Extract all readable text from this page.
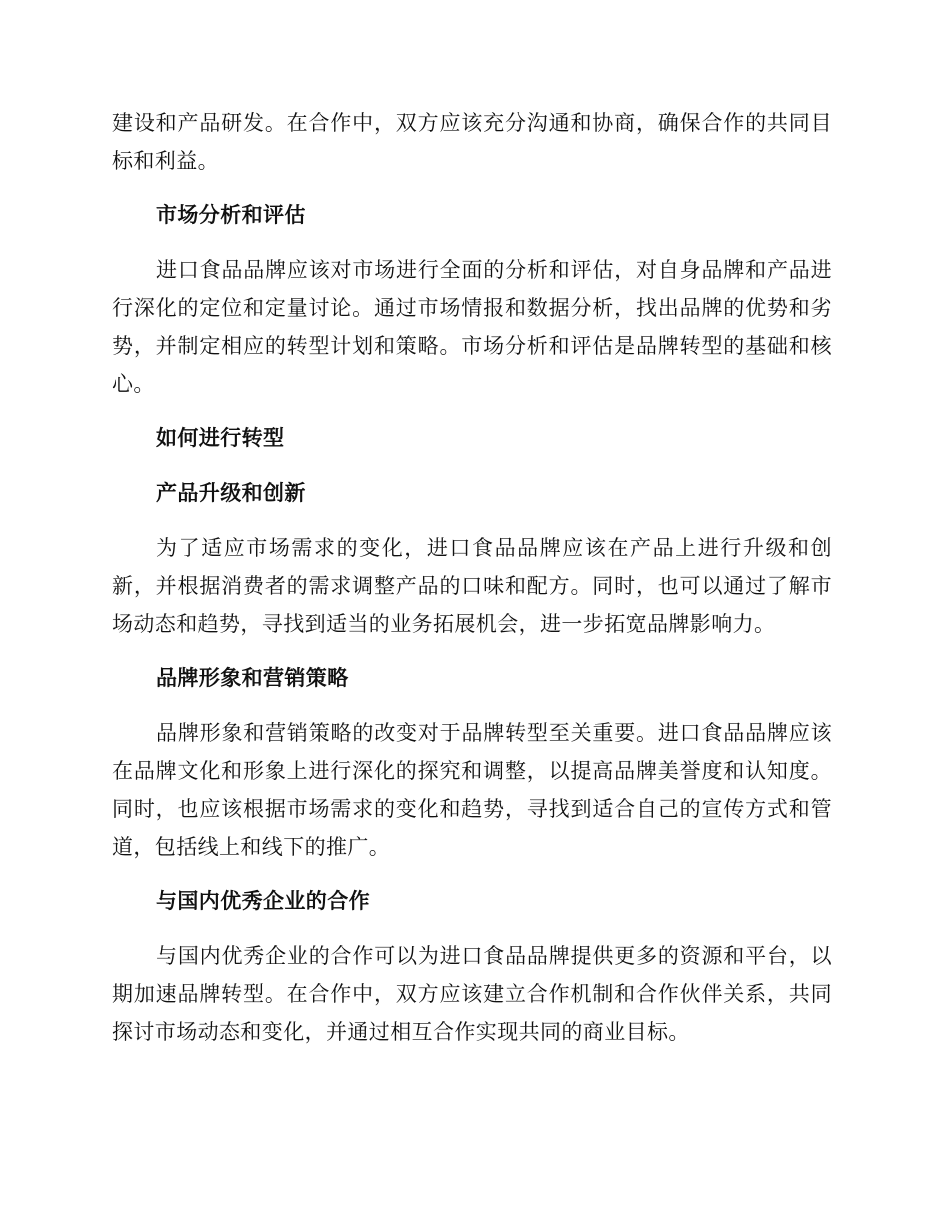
建设和产品研发。在合作中，双方应该充分沟通和协商，确保合作的共同目标和利益。

市场分析和评估

进口食品品牌应该对市场进行全面的分析和评估，对自身品牌和产品进行深化的定位和定量讨论。通过市场情报和数据分析，找出品牌的优势和劣势，并制定相应的转型计划和策略。市场分析和评估是品牌转型的基础和核心。

如何进行转型

产品升级和创新

为了适应市场需求的变化，进口食品品牌应该在产品上进行升级和创新，并根据消费者的需求调整产品的口味和配方。同时，也可以通过了解市场动态和趋势，寻找到适当的业务拓展机会，进一步拓宽品牌影响力。

品牌形象和营销策略

品牌形象和营销策略的改变对于品牌转型至关重要。进口食品品牌应该在品牌文化和形象上进行深化的探究和调整，以提高品牌美誉度和认知度。同时，也应该根据市场需求的变化和趋势，寻找到适合自己的宣传方式和管道，包括线上和线下的推广。

与国内优秀企业的合作

与国内优秀企业的合作可以为进口食品品牌提供更多的资源和平台，以期加速品牌转型。在合作中，双方应该建立合作机制和合作伙伴关系，共同探讨市场动态和变化，并通过相互合作实现共同的商业目标。
